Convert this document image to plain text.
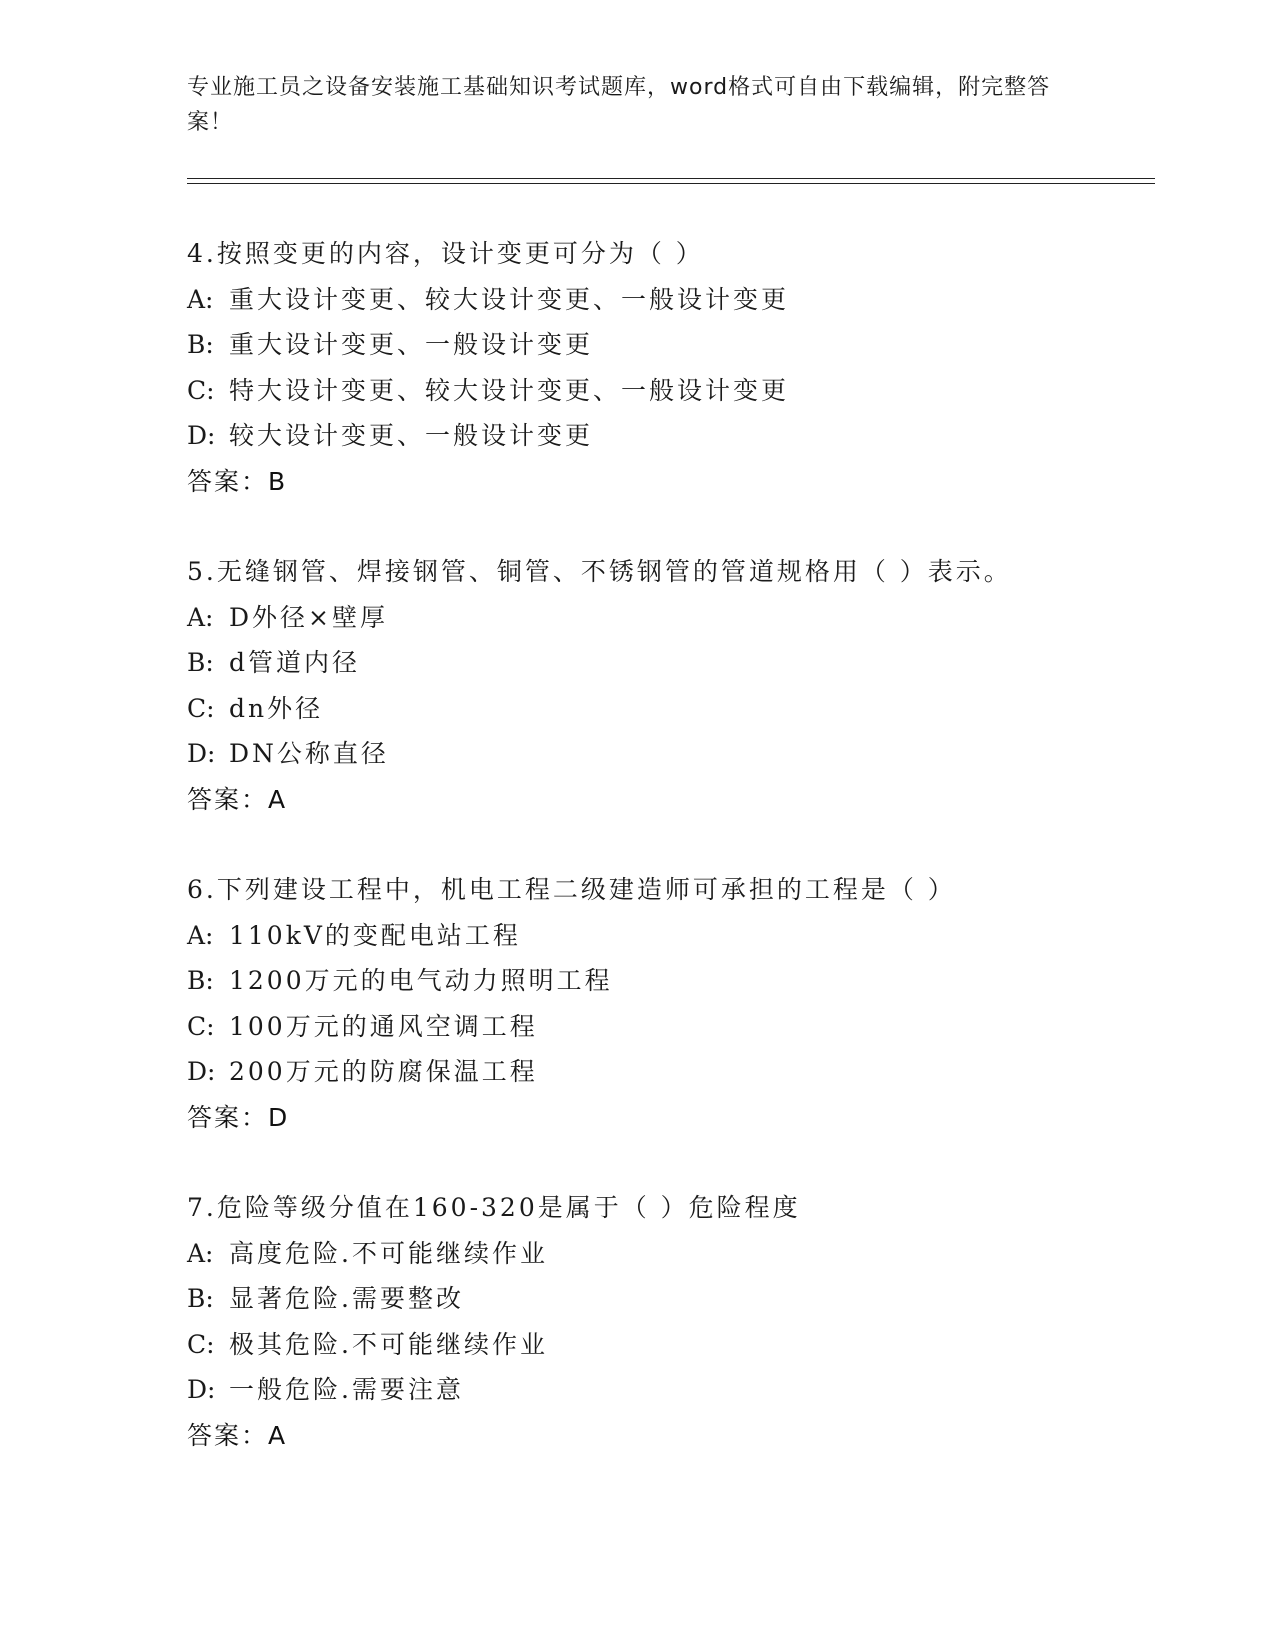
专业施工员之设备安装施工基础知识考试题库，word格式可自由下载编辑，附完整答案！
4.按照变更的内容，设计变更可分为（ ）
A: 重大设计变更、较大设计变更、一般设计变更
B: 重大设计变更、一般设计变更
C: 特大设计变更、较大设计变更、一般设计变更
D: 较大设计变更、一般设计变更
答案：B
5.无缝钢管、焊接钢管、铜管、不锈钢管的管道规格用（ ）表示。
A: D外径×壁厚
B: d管道内径
C: dn外径
D: DN公称直径
答案：A
6.下列建设工程中，机电工程二级建造师可承担的工程是（ ）
A: 110kV的变配电站工程
B: 1200万元的电气动力照明工程
C: 100万元的通风空调工程
D: 200万元的防腐保温工程
答案：D
7.危险等级分值在160-320是属于（ ）危险程度
A: 高度危险.不可能继续作业
B: 显著危险.需要整改
C: 极其危险.不可能继续作业
D: 一般危险.需要注意
答案：A
